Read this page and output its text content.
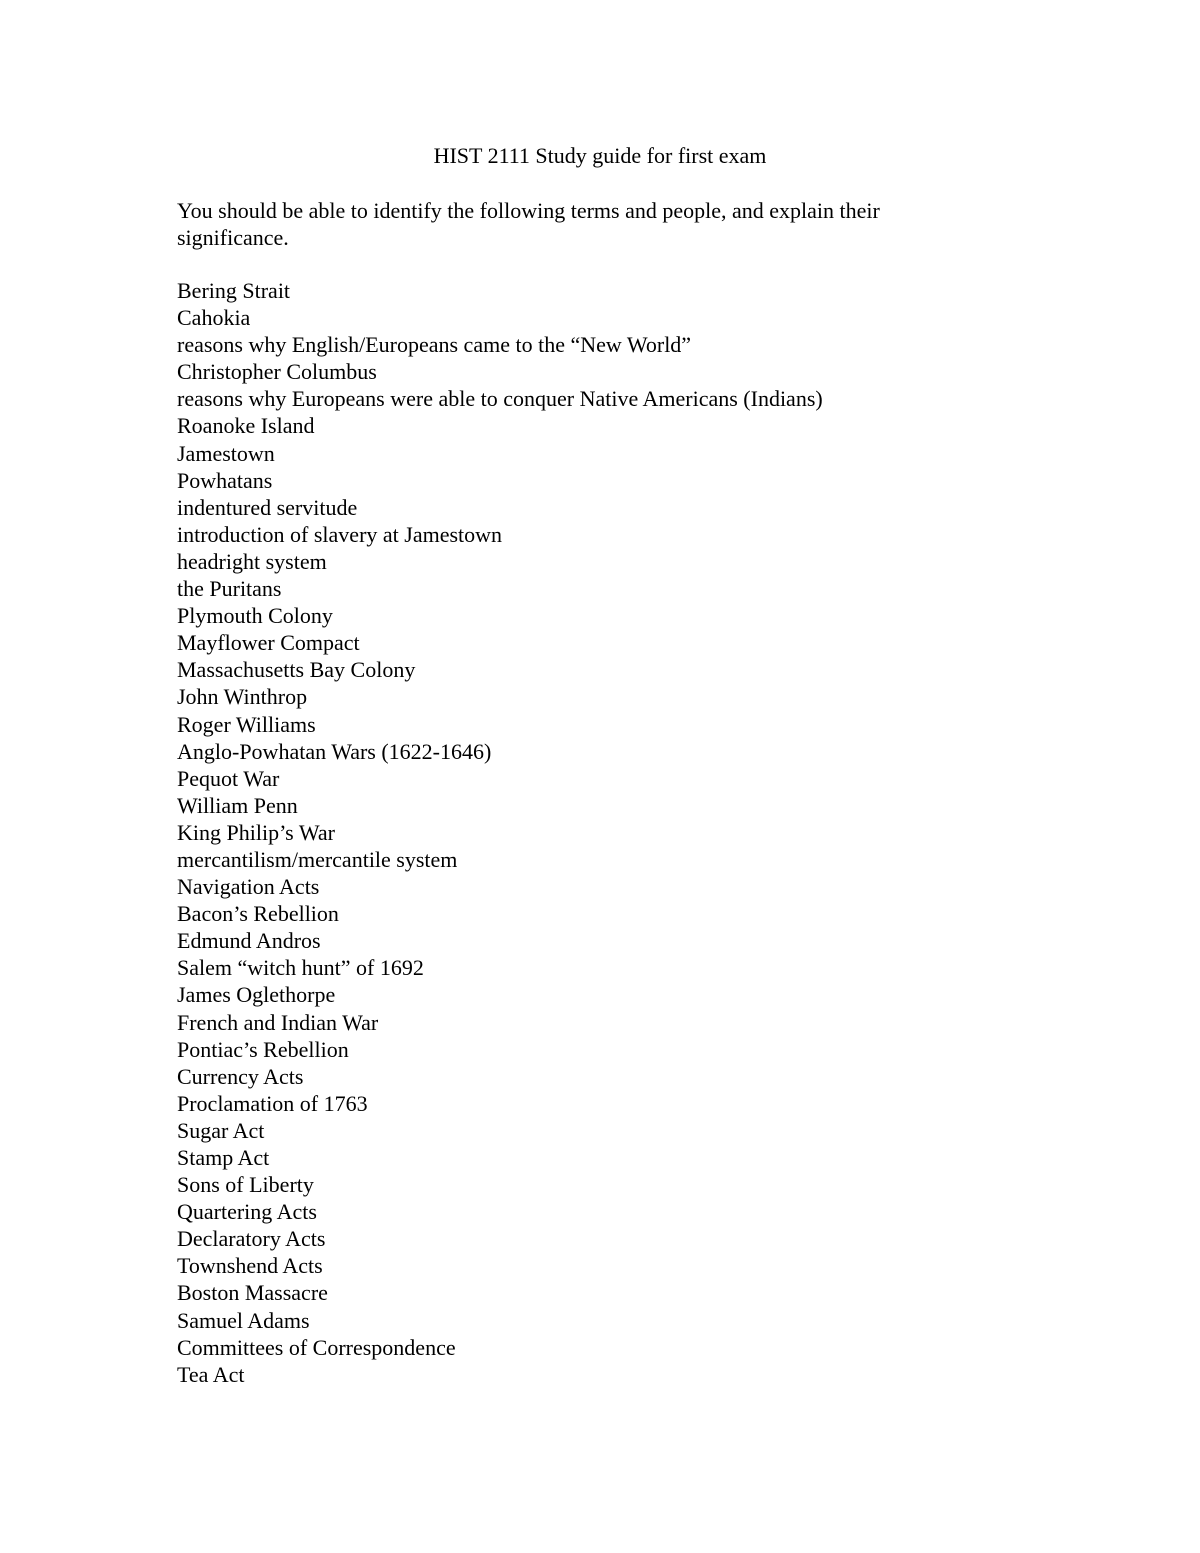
HIST 2111 Study guide for first exam

You should be able to identify the following terms and people, and explain their significance.

Bering Strait
Cahokia
reasons why English/Europeans came to the “New World”
Christopher Columbus
reasons why Europeans were able to conquer Native Americans (Indians)
Roanoke Island
Jamestown
Powhatans
indentured servitude
introduction of slavery at Jamestown
headright system
the Puritans
Plymouth Colony
Mayflower Compact
Massachusetts Bay Colony
John Winthrop
Roger Williams
Anglo-Powhatan Wars (1622-1646)
Pequot War
William Penn
King Philip’s War
mercantilism/mercantile system
Navigation Acts
Bacon’s Rebellion
Edmund Andros
Salem “witch hunt” of 1692
James Oglethorpe
French and Indian War
Pontiac’s Rebellion
Currency Acts
Proclamation of 1763
Sugar Act
Stamp Act
Sons of Liberty
Quartering Acts
Declaratory Acts
Townshend Acts
Boston Massacre
Samuel Adams
Committees of Correspondence
Tea Act
